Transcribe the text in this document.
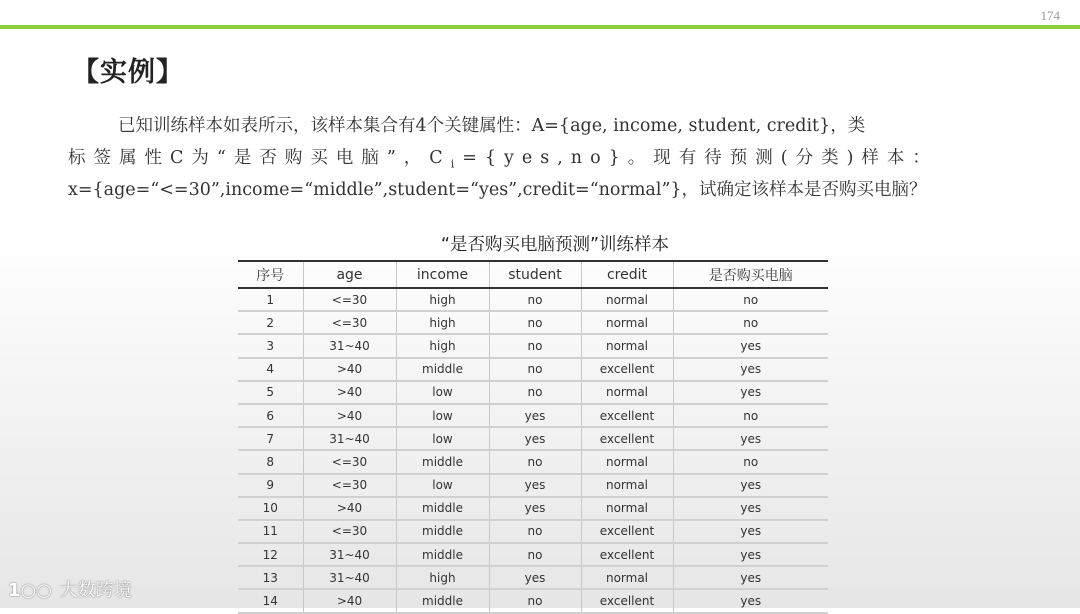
174
【实例】
已知训练样本如表所示，该样本集合有4个关键属性：A={age, income, student, credit}，类
标签属性C为“是否购买电脑”，$C_i=\{yes,no\}$。现有待预测(分类)样本：
x={age=“<=30”,income=“middle”,student=“yes”,credit=“normal”}，试确定该样本是否购买电脑？
“是否购买电脑预测”训练样本
序号	age	income	student	credit	是否购买电脑
1	<=30	high	no	normal	no
2	<=30	high	no	normal	no
3	31~40	high	no	normal	yes
4	>40	middle	no	excellent	yes
5	>40	low	no	normal	yes
6	>40	low	yes	excellent	no
7	31~40	low	yes	excellent	yes
8	<=30	middle	no	normal	no
9	<=30	low	yes	normal	yes
10	>40	middle	yes	normal	yes
11	<=30	middle	no	excellent	yes
12	31~40	middle	no	excellent	yes
13	31~40	high	yes	normal	yes
14	>40	middle	no	excellent	yes
1○○ 大数跨境
